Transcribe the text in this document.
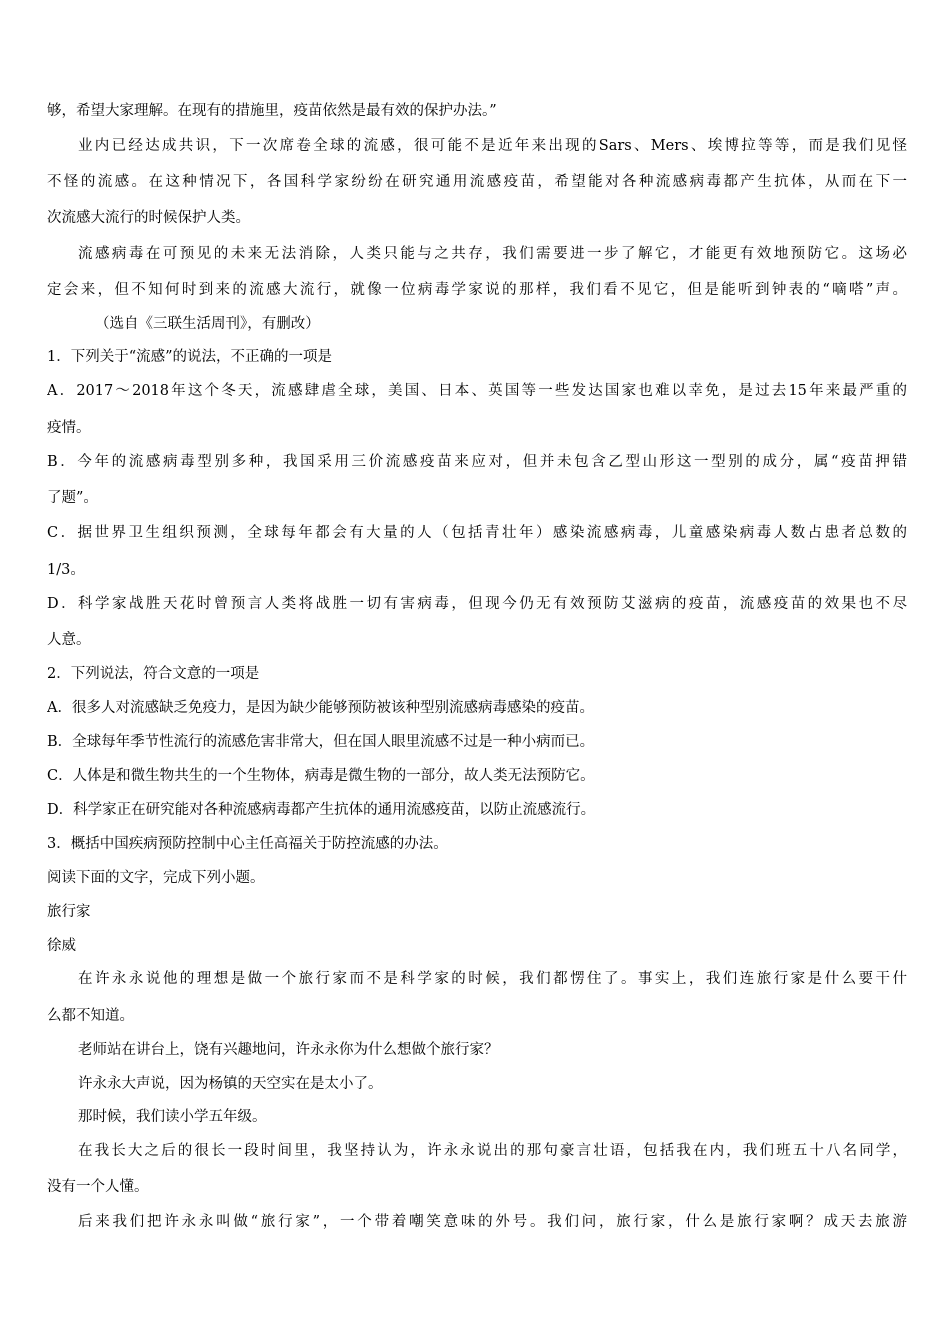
够，希望大家理解。在现有的措施里，疫苗依然是最有效的保护办法。”

业内已经达成共识，下一次席卷全球的流感，很可能不是近年来出现的Sars、Mers、埃博拉等等，而是我们见怪

不怪的流感。在这种情况下，各国科学家纷纷在研究通用流感疫苗，希望能对各种流感病毒都产生抗体，从而在下一

次流感大流行的时候保护人类。

流感病毒在可预见的未来无法消除，人类只能与之共存，我们需要进一步了解它，才能更有效地预防它。这场必

定会来，但不知何时到来的流感大流行，就像一位病毒学家说的那样，我们看不见它，但是能听到钟表的“嘀嗒”声。

（选自《三联生活周刊》，有删改）

1．下列关于“流感”的说法，不正确的一项是

A．2017～2018年这个冬天，流感肆虐全球，美国、日本、英国等一些发达国家也难以幸免，是过去15年来最严重的

疫情。

B．今年的流感病毒型别多种，我国采用三价流感疫苗来应对，但并未包含乙型山形这一型别的成分，属“疫苗押错

了题”。

C．据世界卫生组织预测，全球每年都会有大量的人（包括青壮年）感染流感病毒，儿童感染病毒人数占患者总数的

1/3。

D．科学家战胜天花时曾预言人类将战胜一切有害病毒，但现今仍无有效预防艾滋病的疫苗，流感疫苗的效果也不尽

人意。

2．下列说法，符合文意的一项是

A．很多人对流感缺乏免疫力，是因为缺少能够预防被该种型别流感病毒感染的疫苗。

B．全球每年季节性流行的流感危害非常大，但在国人眼里流感不过是一种小病而已。

C．人体是和微生物共生的一个生物体，病毒是微生物的一部分，故人类无法预防它。

D．科学家正在研究能对各种流感病毒都产生抗体的通用流感疫苗，以防止流感流行。

3．概括中国疾病预防控制中心主任高福关于防控流感的办法。

阅读下面的文字，完成下列小题。

旅行家

徐威

在许永永说他的理想是做一个旅行家而不是科学家的时候，我们都愣住了。事实上，我们连旅行家是什么要干什

么都不知道。

老师站在讲台上，饶有兴趣地问，许永永你为什么想做个旅行家？

许永永大声说，因为杨镇的天空实在是太小了。

那时候，我们读小学五年级。

在我长大之后的很长一段时间里，我坚持认为，许永永说出的那句豪言壮语，包括我在内，我们班五十八名同学，

没有一个人懂。

后来我们把许永永叫做“旅行家”，一个带着嘲笑意味的外号。我们问，旅行家，什么是旅行家啊？成天去旅游
